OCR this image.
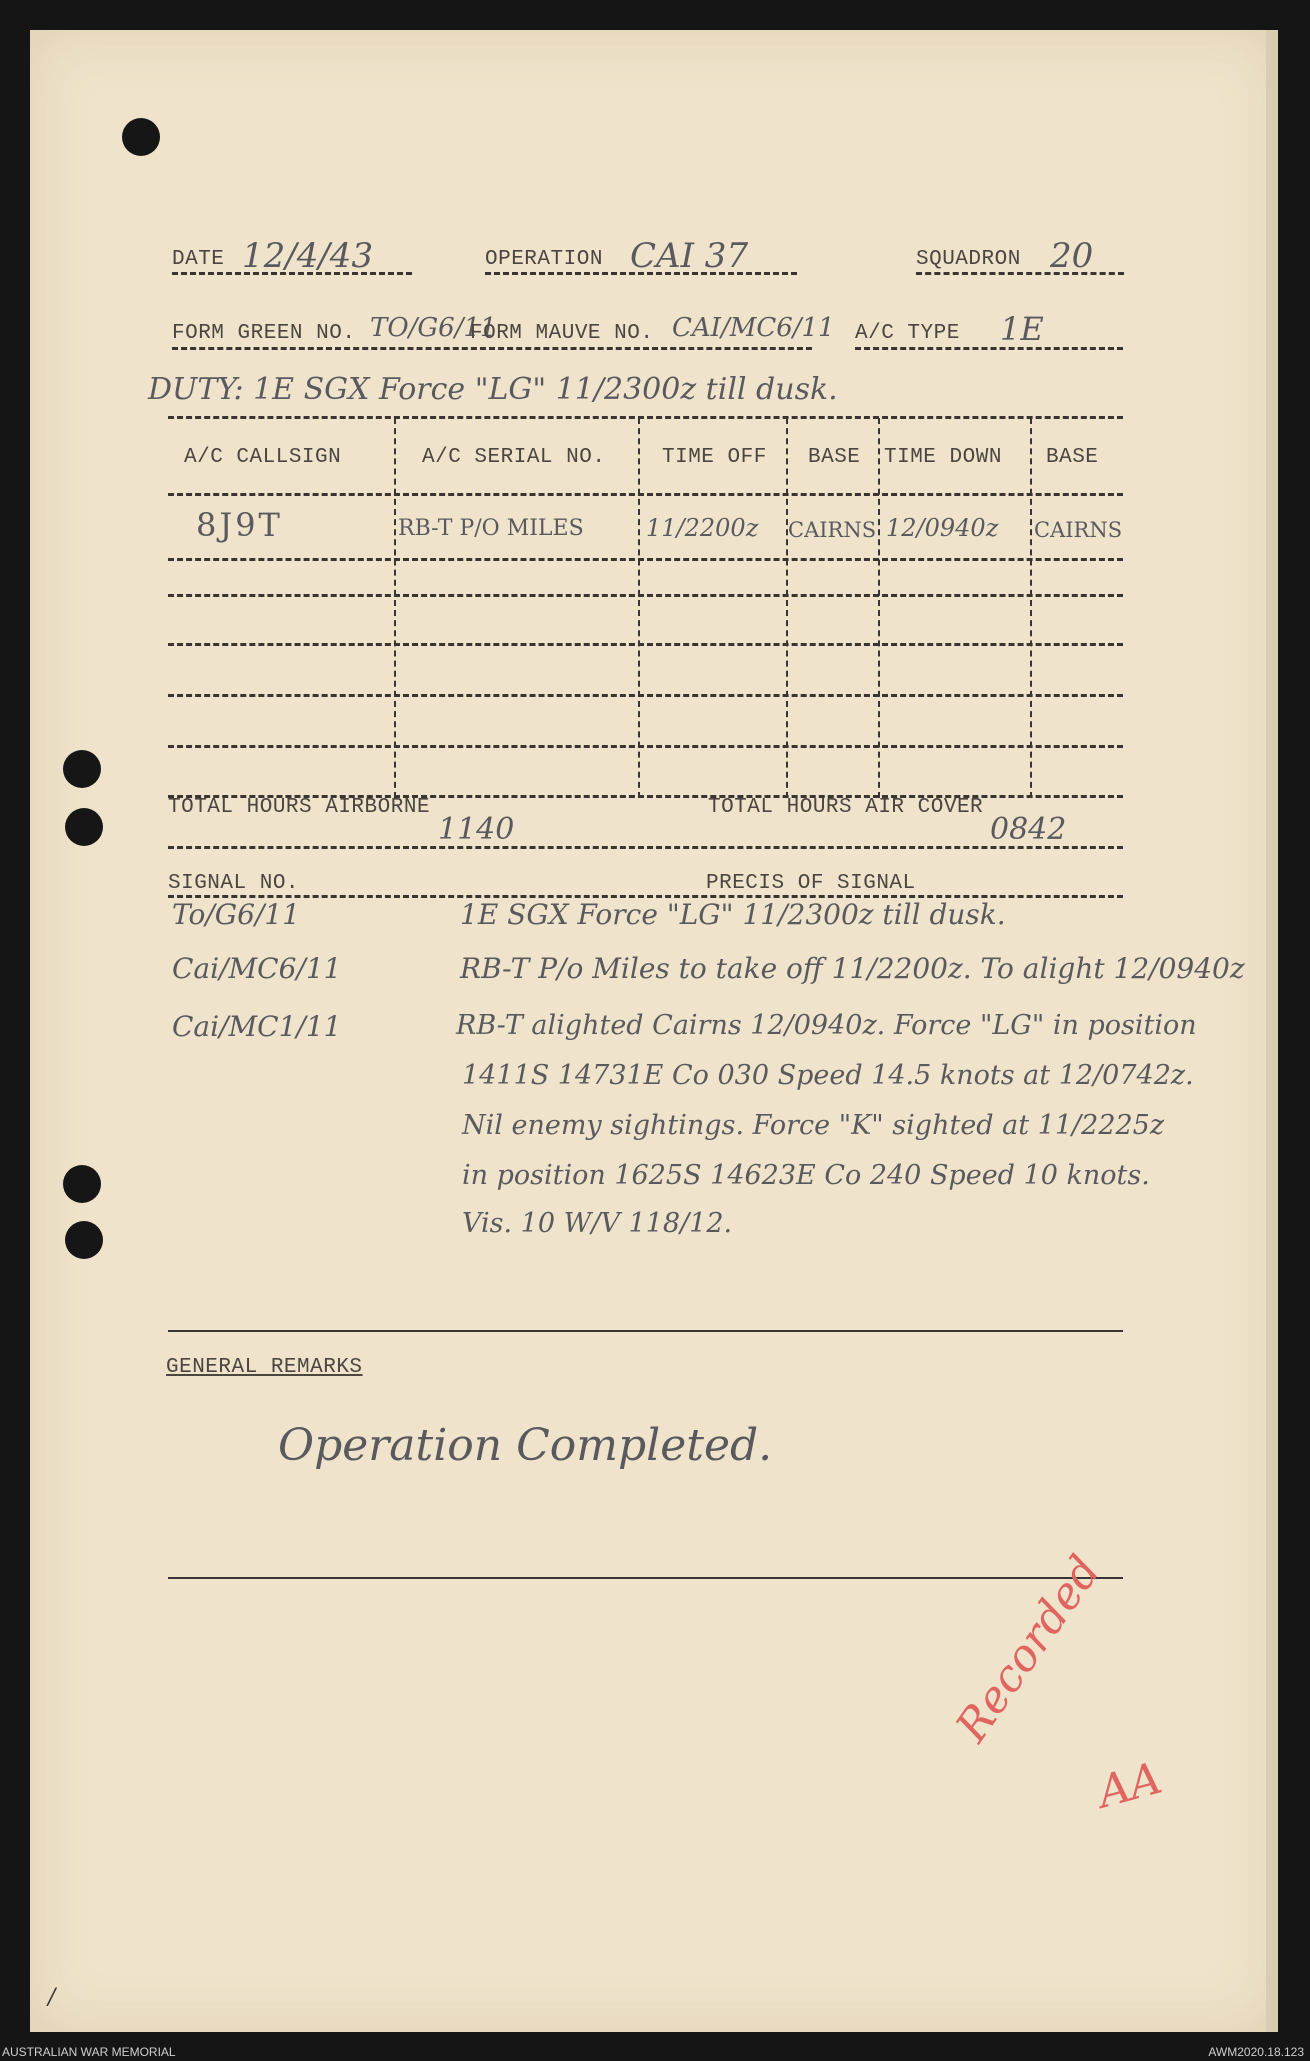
DATE 12/4/43	OPERATION CAI 37	SQUADRON 20
FORM GREEN NO. TO/G6/11
FORM MAUVE NO. CAI/MC6/11 A/C TYPE 1E
DUTY: 1E SGX Force "LG" 11/2300z till dusk.
A/C CALLSIGN	A/C SERIAL NO.	TIME OFF BASE TIME DOWN BASE
8J9T	RB-T P/O MILES	11/2200z CAIRNS 12/0940z CAIRNS
TOTAL HOURS AIRBORNE
1140
TOTAL HOURS AIR COVER
0842
SIGNAL NO.	PRECIS OF SIGNAL
To/G6/11	1E SGX Force "LG" 11/2300z till dusk.
Cai/MC6/11	RB-T P/o Miles to take off 11/2200z. To alight 12/0940z
Cai/MC1/11	RB-T alighted Cairns 12/0940z. Force "LG" in position
1411S 14731E Co 030 Speed 14.5 knots at 12/0742z.
Nil enemy sightings. Force "K" sighted at 11/2225z
in position 1625S 14623E Co 240 Speed 10 knots.
Vis. 10 W/V 118/12.
GENERAL REMARKS
Operation Completed.
Recorded
AA
/
AUSTRALIAN WAR MEMORIAL	AWM2020.18.123
